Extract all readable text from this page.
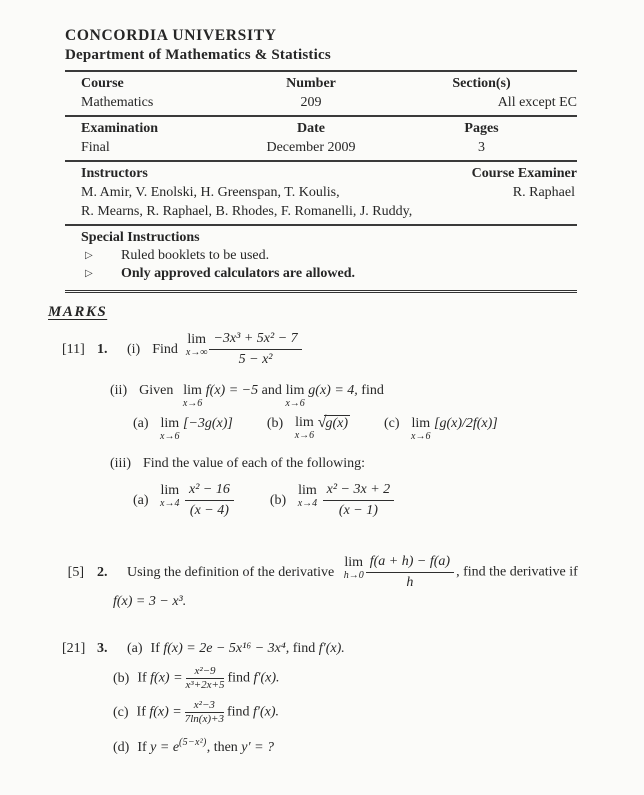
CONCORDIA UNIVERSITY
Department of Mathematics & Statistics
Course	Number	Section(s)
Mathematics	209	All except EC
Examination	Date	Pages
Final	December 2009	3
Instructors	Course Examiner
M. Amir, V. Enolski, H. Greenspan, T. Koulis,	R. Raphael
R. Mearns, R. Raphael, B. Rhodes, F. Romanelli, J. Ruddy,
Special Instructions
▷	Ruled booklets to be used.
▷	Only approved calculators are allowed.
MARKS
[11] 1. (i) Find
lim
$x\to\infty \frac{\text{−3x³ + 5x² − 7}}{\text{5 − x²}}$
(ii) Given lim
x→6
f(x) = −5 and lim
x→6
g(x) = 4, find
(a) lim
x→6
[−3g(x)] (b) lim
x→6
√g(x)	(c) lim
x→6
[g(x)/2f(x)]
(iii) Find the value of each of the following:
(a)
lim
x→4
$\frac{\text{x² − 16}}{(x - 4)}$	(b)
lim
x→4
$\frac{\text{x² − 3x + 2}}{(x - 1)}$
[5] 2. Using the definition of the derivative
lim
$h\to 0 \frac{f(a + h) - f(a)}{h}$ , find the derivative if
f(x) = 3 − x³.
[21] 3. (a) If f(x) = 2e − 5x¹⁶ − 3x⁴, find f′(x).
(b) If $f(x) = \frac{\text{x²−9}}{\text{x³+2x+5}}$ find f′(x).
(c) If $f(x) = \frac{\text{x²−3}}{7\ln(x)+3}$ find f′(x).
(d) If $y = e^{(5-x^2)}$, then y′ = ?
